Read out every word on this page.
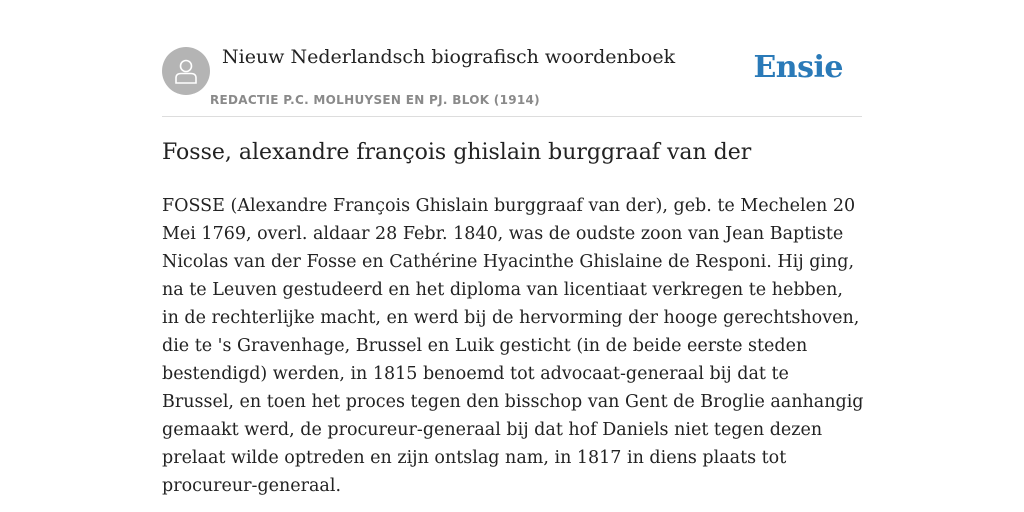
Nieuw Nederlandsch biografisch woordenboek
REDACTIE P.C. MOLHUYSEN EN PJ. BLOK (1914)
Ensie
Fosse, alexandre françois ghislain burggraaf van der

FOSSE (Alexandre François Ghislain burggraaf van der), geb. te Mechelen 20 Mei 1769, overl. aldaar 28 Febr. 1840, was de oudste zoon van Jean Baptiste Nicolas van der Fosse en Cathérine Hyacinthe Ghislaine de Responi. Hij ging, na te Leuven gestudeerd en het diploma van licentiaat verkregen te hebben, in de rechterlijke macht, en werd bij de hervorming der hooge gerechtshoven, die te 's Gravenhage, Brussel en Luik gesticht (in de beide eerste steden bestendigd) werden, in 1815 benoemd tot advocaat-generaal bij dat te Brussel, en toen het proces tegen den bisschop van Gent de Broglie aanhangig gemaakt werd, de procureur-generaal bij dat hof Daniels niet tegen dezen prelaat wilde optreden en zijn ontslag nam, in 1817 in diens plaats tot procureur-generaal.
